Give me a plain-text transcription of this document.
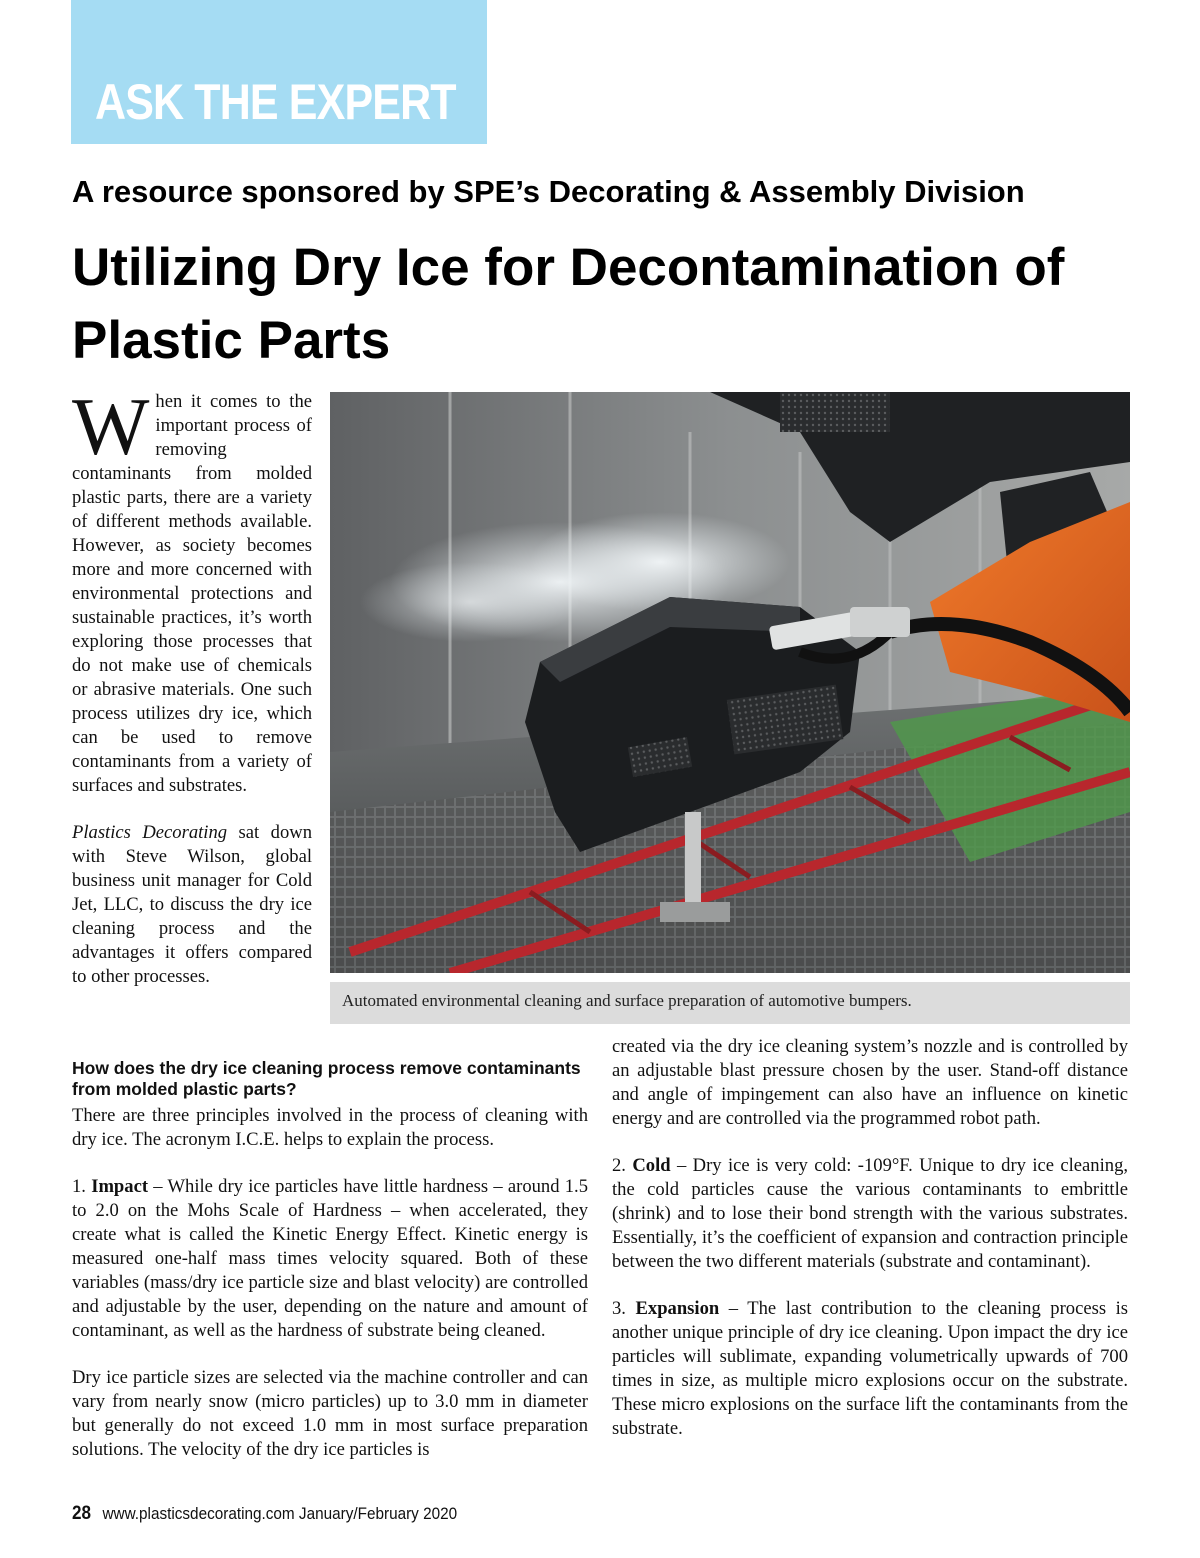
ASK THE EXPERT
A resource sponsored by SPE’s Decorating & Assembly Division
Utilizing Dry Ice for Decontamination of Plastic Parts

When it comes to the important process of removing contaminants from molded plastic parts, there are a variety of different methods available. However, as society becomes more and more concerned with environmental protections and sustainable practices, it’s worth exploring those processes that do not make use of chemicals or abrasive materials. One such process utilizes dry ice, which can be used to remove contaminants from a variety of surfaces and substrates.

Plastics Decorating sat down with Steve Wilson, global business unit manager for Cold Jet, LLC, to discuss the dry ice cleaning process and the advantages it offers compared to other processes.

Automated environmental cleaning and surface preparation of automotive bumpers.
How does the dry ice cleaning process remove contaminants from molded plastic parts?

There are three principles involved in the process of cleaning with dry ice. The acronym I.C.E. helps to explain the process.

1. Impact – While dry ice particles have little hardness – around 1.5 to 2.0 on the Mohs Scale of Hardness – when accelerated, they create what is called the Kinetic Energy Effect. Kinetic energy is measured one-half mass times velocity squared. Both of these variables (mass/dry ice particle size and blast velocity) are controlled and adjustable by the user, depending on the nature and amount of contaminant, as well as the hardness of substrate being cleaned.

Dry ice particle sizes are selected via the machine controller and can vary from nearly snow (micro particles) up to 3.0 mm in diameter but generally do not exceed 1.0 mm in most surface preparation solutions. The velocity of the dry ice particles is

created via the dry ice cleaning system’s nozzle and is controlled by an adjustable blast pressure chosen by the user. Stand-off distance and angle of impingement can also have an influence on kinetic energy and are controlled via the programmed robot path.

2. Cold – Dry ice is very cold: -109°F. Unique to dry ice cleaning, the cold particles cause the various contaminants to embrittle (shrink) and to lose their bond strength with the various substrates. Essentially, it’s the coefficient of expansion and contraction principle between the two different materials (substrate and contaminant).

3. Expansion – The last contribution to the cleaning process is another unique principle of dry ice cleaning. Upon impact the dry ice particles will sublimate, expanding volumetrically upwards of 700 times in size, as multiple micro explosions occur on the substrate. These micro explosions on the surface lift the contaminants from the substrate.

28 www.plasticsdecorating.com January/February 2020
